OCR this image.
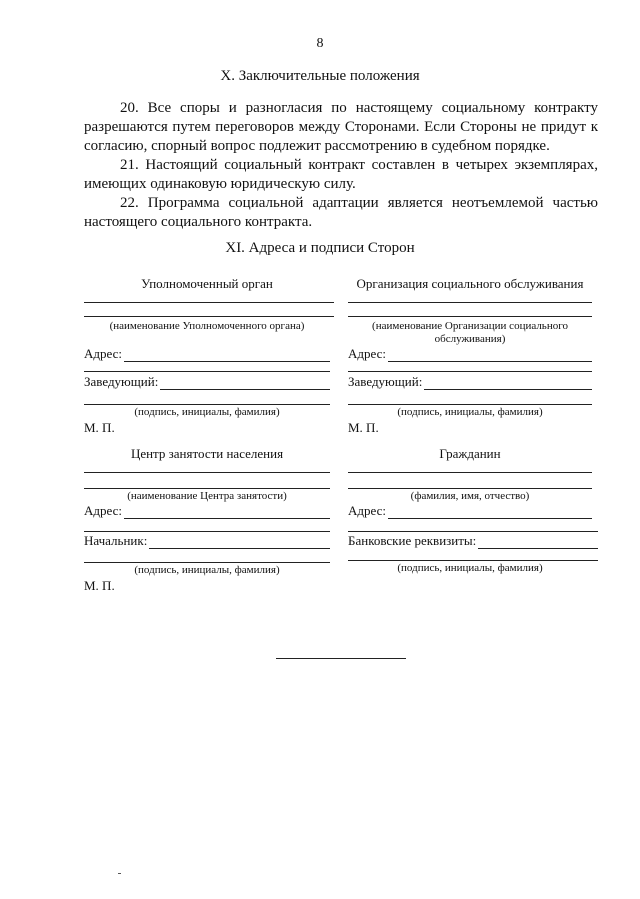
8
X. Заключительные положения

20. Все споры и разногласия по настоящему социальному контракту разрешаются путем переговоров между Сторонами. Если Стороны не придут к согласию, спорный вопрос подлежит рассмотрению в судебном порядке.

21. Настоящий социальный контракт составлен в четырех экземплярах, имеющих одинаковую юридическую силу.

22. Программа социальной адаптации является неотъемлемой частью настоящего социального контракта.

XI. Адреса и подписи Сторон
Уполномоченный орган
(наименование Уполномоченного органа)
Адрес:
Заведующий:
(подпись, инициалы, фамилия)
М. П.
Организация социального обслуживания
(наименование Организации социального обслуживания)
Адрес:
Заведующий:
(подпись, инициалы, фамилия)
М. П.
Центр занятости населения
(наименование Центра занятости)
Адрес:
Начальник:
(подпись, инициалы, фамилия)
М. П.
Гражданин
(фамилия, имя, отчество)
Адрес:
Банковские реквизиты:
(подпись, инициалы, фамилия)
